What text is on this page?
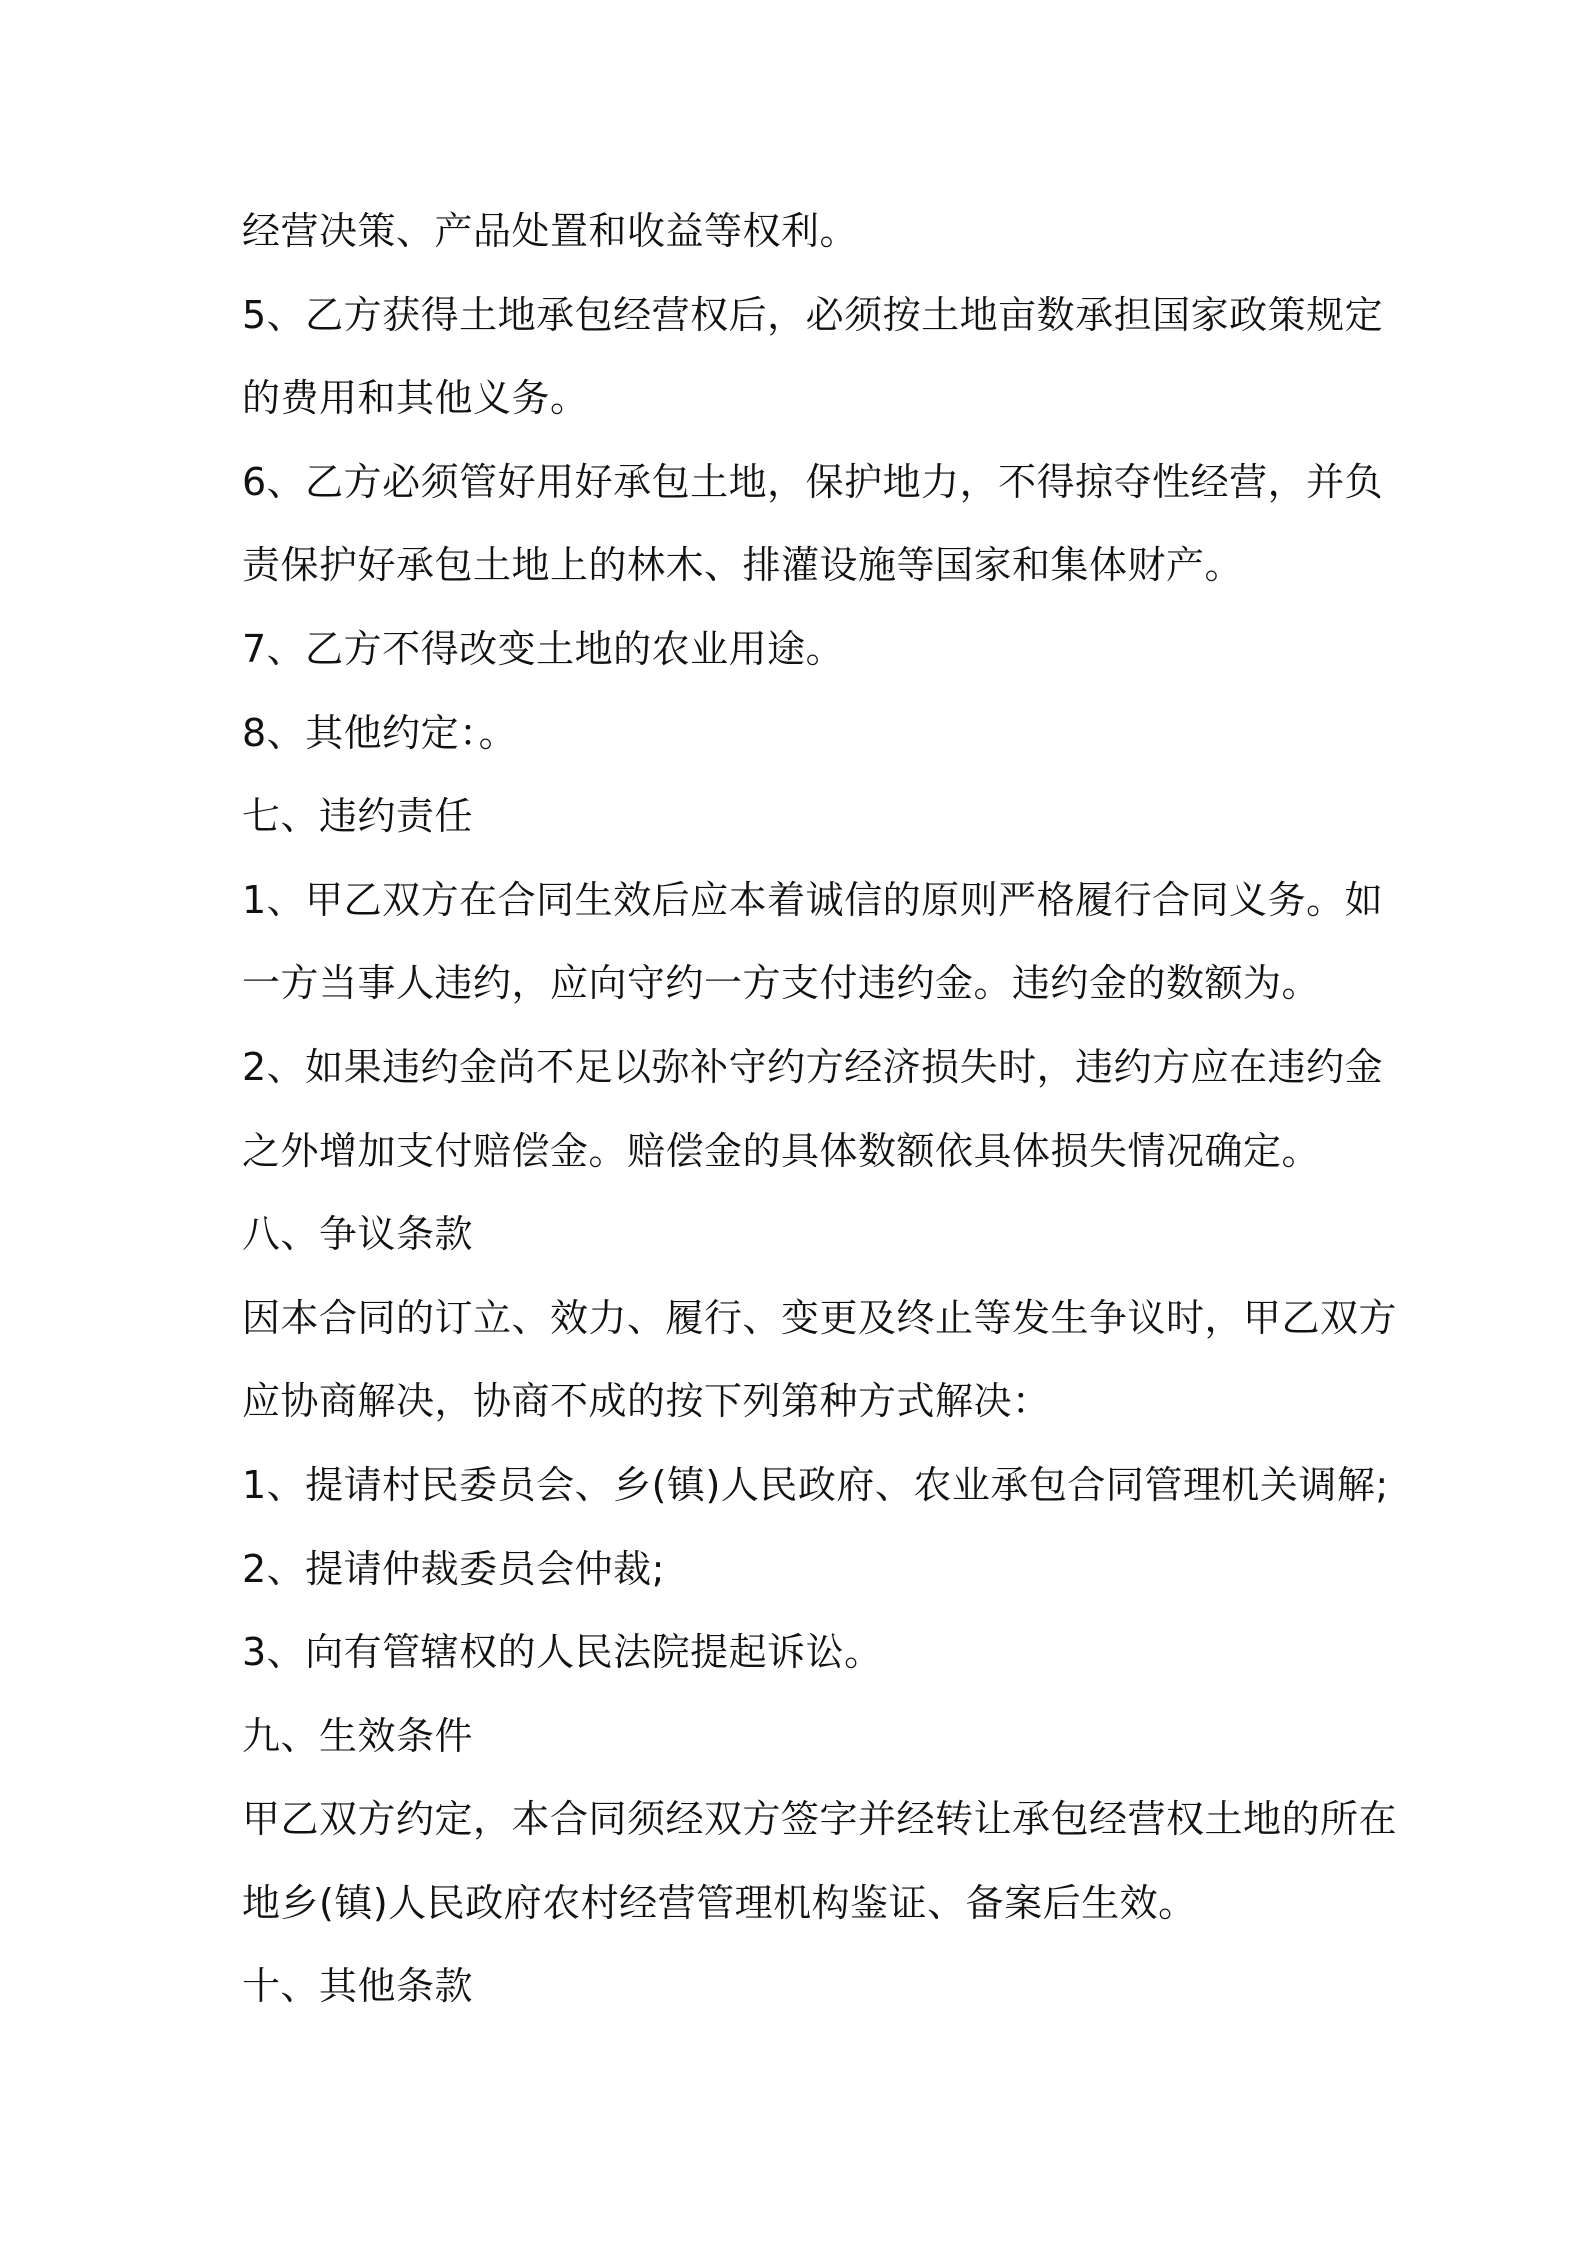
经营决策、产品处置和收益等权利。
5、乙方获得土地承包经营权后，必须按土地亩数承担国家政策规定
的费用和其他义务。
6、乙方必须管好用好承包土地，保护地力，不得掠夺性经营，并负
责保护好承包土地上的林木、排灌设施等国家和集体财产。
7、乙方不得改变土地的农业用途。
8、其他约定：。
七、违约责任
1、甲乙双方在合同生效后应本着诚信的原则严格履行合同义务。如
一方当事人违约，应向守约一方支付违约金。违约金的数额为。
2、如果违约金尚不足以弥补守约方经济损失时，违约方应在违约金
之外增加支付赔偿金。赔偿金的具体数额依具体损失情况确定。
八、争议条款
因本合同的订立、效力、履行、变更及终止等发生争议时，甲乙双方
应协商解决，协商不成的按下列第种方式解决：
1、提请村民委员会、乡(镇)人民政府、农业承包合同管理机关调解;
2、提请仲裁委员会仲裁;
3、向有管辖权的人民法院提起诉讼。
九、生效条件
甲乙双方约定，本合同须经双方签字并经转让承包经营权土地的所在
地乡(镇)人民政府农村经营管理机构鉴证、备案后生效。
十、其他条款
